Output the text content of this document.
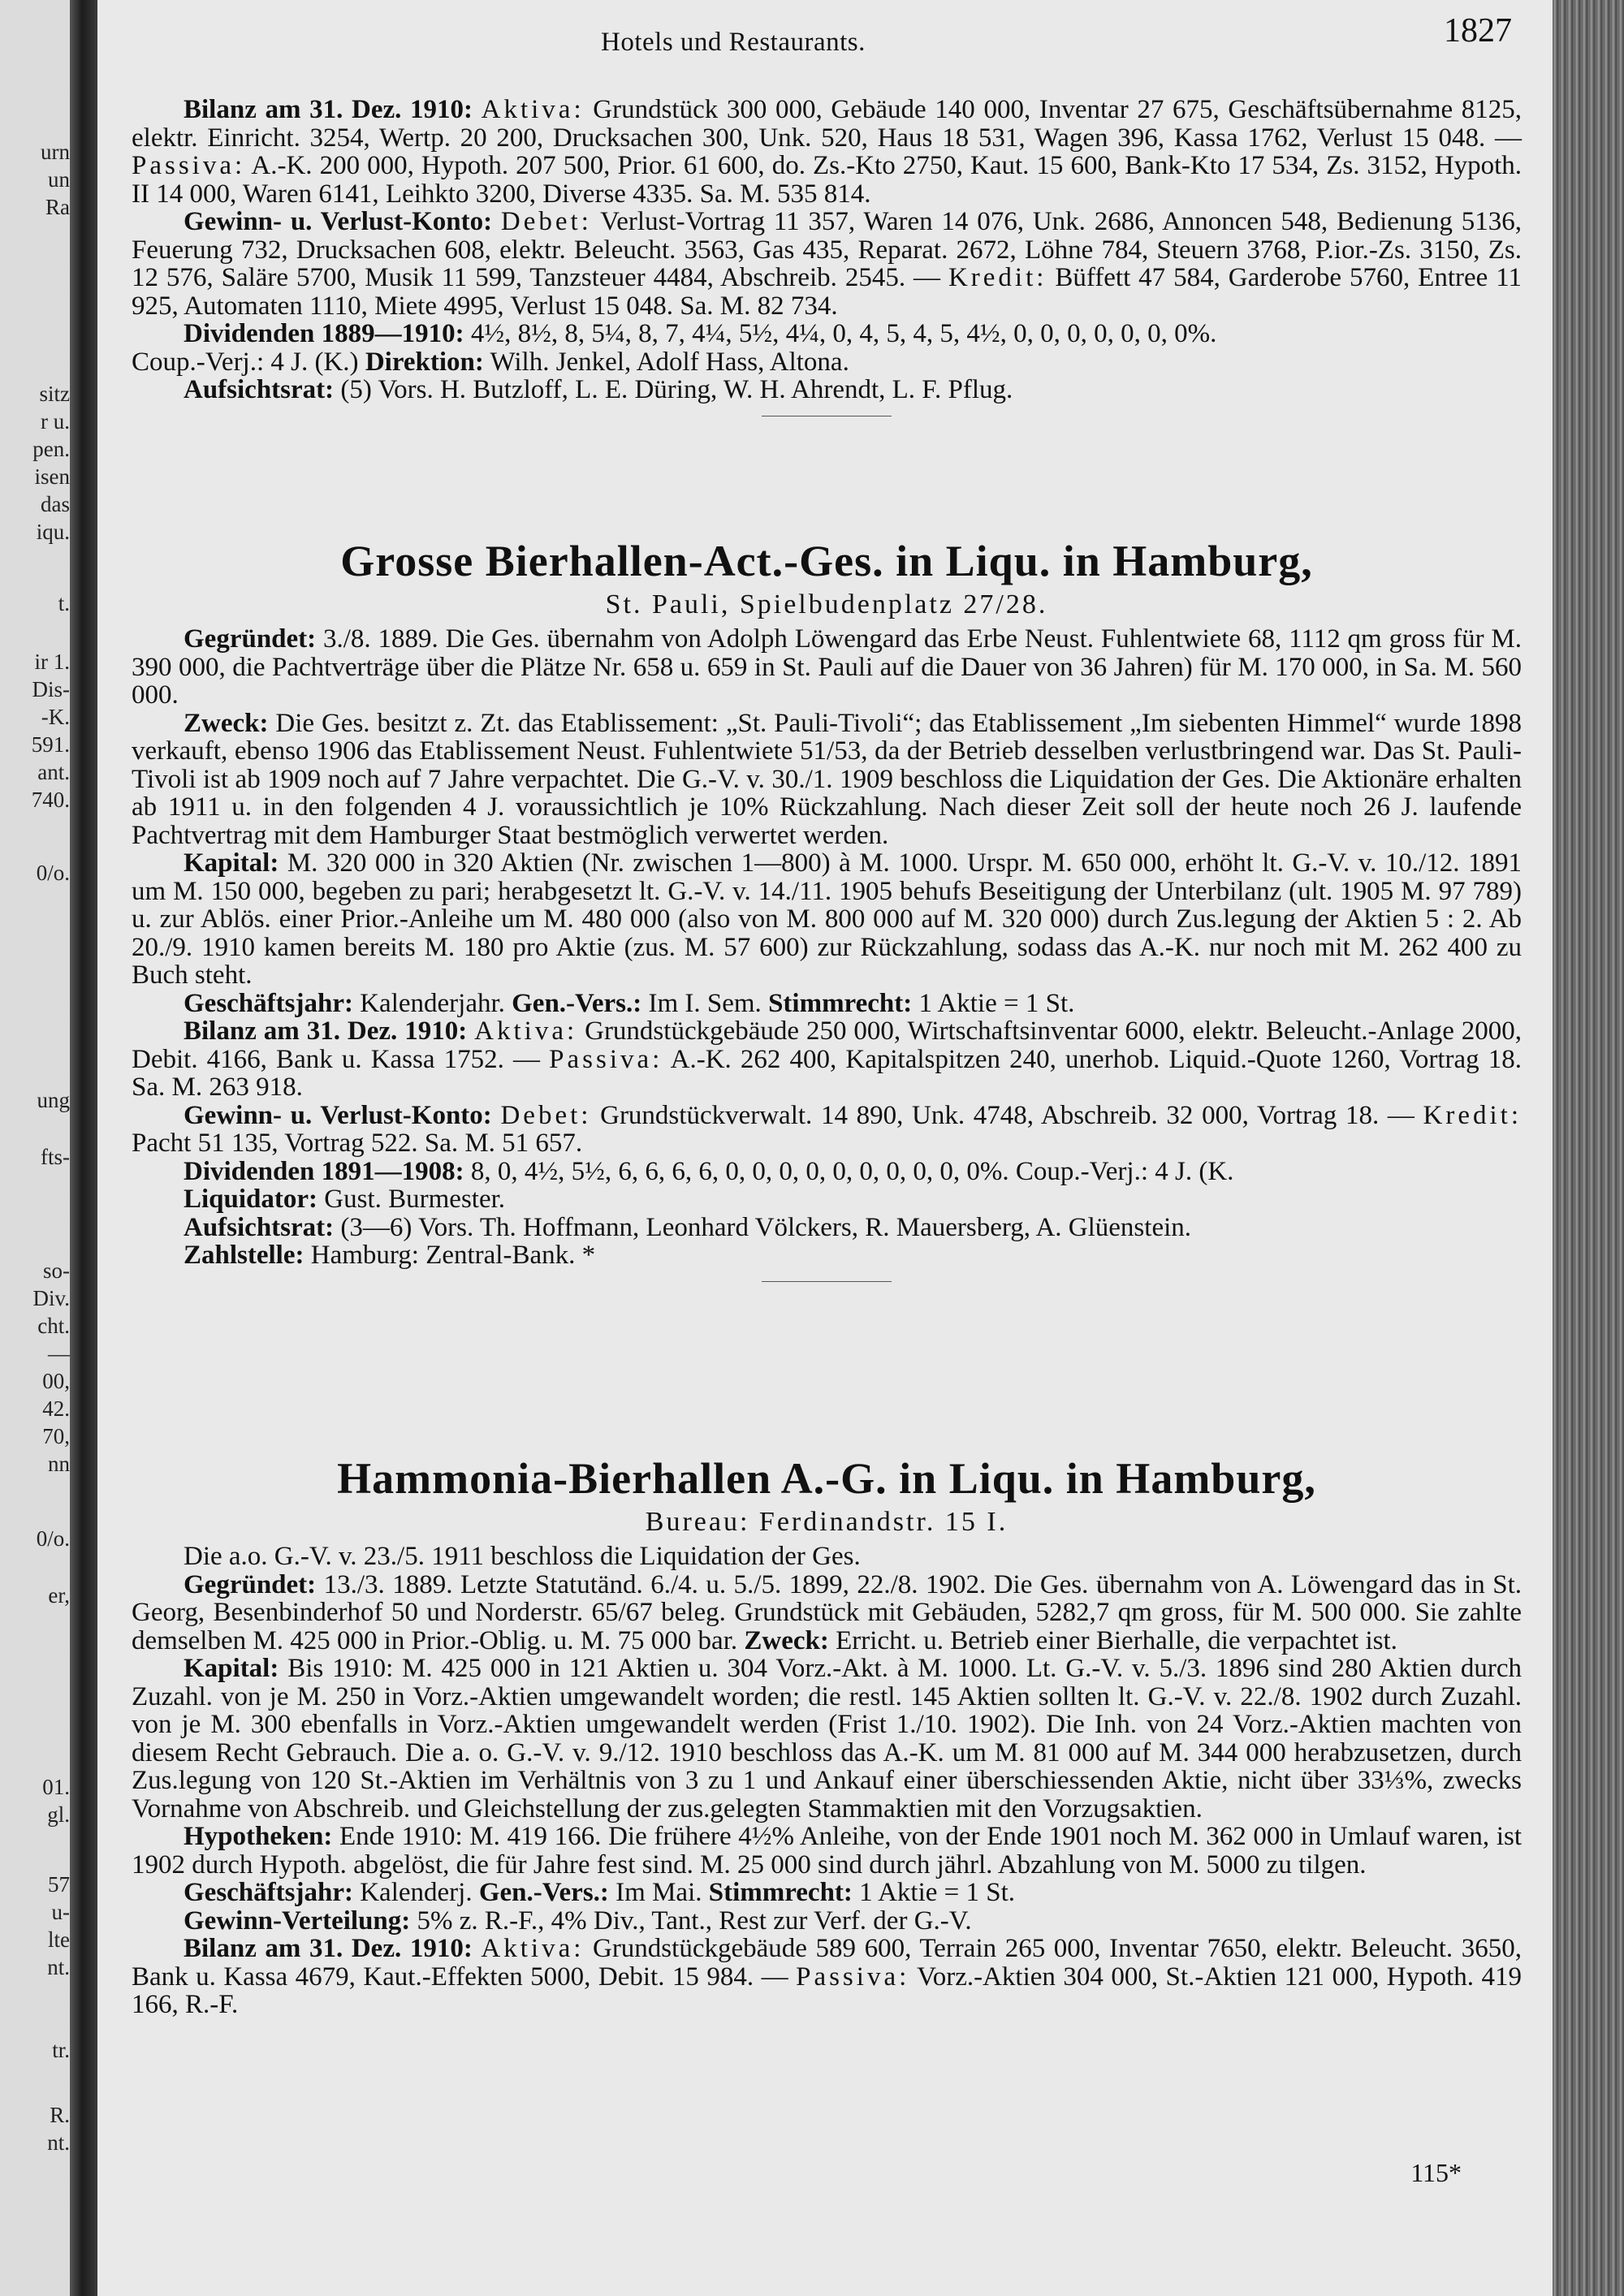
urn
un
Ra
sitz
r u.
pen.
isen
das
iqu.
t.
ir 1.
Dis-
-K.
591.
ant.
740.
0/o.
ung
fts-
so-
Div.
cht.
—
00,
42.
70,
nn
0/o.
er,
01.
gl.
57
u-
lte
nt.
tr.
R.
nt.
Hotels und Restaurants.	1827

Bilanz am 31. Dez. 1910: Aktiva: Grundstück 300 000, Gebäude 140 000, Inventar 27 675, Geschäftsübernahme 8125, elektr. Einricht. 3254, Wertp. 20 200, Drucksachen 300, Unk. 520, Haus 18 531, Wagen 396, Kassa 1762, Verlust 15 048. — Passiva: A.-K. 200 000, Hypoth. 207 500, Prior. 61 600, do. Zs.-Kto 2750, Kaut. 15 600, Bank-Kto 17 534, Zs. 3152, Hypoth. II 14 000, Waren 6141, Leihkto 3200, Diverse 4335. Sa. M. 535 814.

Gewinn- u. Verlust-Konto: Debet: Verlust-Vortrag 11 357, Waren 14 076, Unk. 2686, Annoncen 548, Bedienung 5136, Feuerung 732, Drucksachen 608, elektr. Beleucht. 3563, Gas 435, Reparat. 2672, Löhne 784, Steuern 3768, P.ior.-Zs. 3150, Zs. 12 576, Saläre 5700, Musik 11 599, Tanzsteuer 4484, Abschreib. 2545. — Kredit: Büffett 47 584, Garderobe 5760, Entree 11 925, Automaten 1110, Miete 4995, Verlust 15 048. Sa. M. 82 734.

Dividenden 1889—1910: 4½, 8½, 8, 5¼, 8, 7, 4¼, 5½, 4¼, 0, 4, 5, 4, 5, 4½, 0, 0, 0, 0, 0, 0, 0%.

Coup.-Verj.: 4 J. (K.) Direktion: Wilh. Jenkel, Adolf Hass, Altona.

Aufsichtsrat: (5) Vors. H. Butzloff, L. E. Düring, W. H. Ahrendt, L. F. Pflug.

Grosse Bierhallen-Act.-Ges. in Liqu. in Hamburg,

St. Pauli, Spielbudenplatz 27/28.

Gegründet: 3./8. 1889. Die Ges. übernahm von Adolph Löwengard das Erbe Neust. Fuhlentwiete 68, 1112 qm gross für M. 390 000, die Pachtverträge über die Plätze Nr. 658 u. 659 in St. Pauli auf die Dauer von 36 Jahren) für M. 170 000, in Sa. M. 560 000.

Zweck: Die Ges. besitzt z. Zt. das Etablissement: „St. Pauli-Tivoli“; das Etablissement „Im siebenten Himmel“ wurde 1898 verkauft, ebenso 1906 das Etablissement Neust. Fuhlentwiete 51/53, da der Betrieb desselben verlustbringend war. Das St. Pauli-Tivoli ist ab 1909 noch auf 7 Jahre verpachtet. Die G.-V. v. 30./1. 1909 beschloss die Liquidation der Ges. Die Aktionäre erhalten ab 1911 u. in den folgenden 4 J. voraussichtlich je 10% Rückzahlung. Nach dieser Zeit soll der heute noch 26 J. laufende Pachtvertrag mit dem Hamburger Staat bestmöglich verwertet werden.

Kapital: M. 320 000 in 320 Aktien (Nr. zwischen 1—800) à M. 1000. Urspr. M. 650 000, erhöht lt. G.-V. v. 10./12. 1891 um M. 150 000, begeben zu pari; herabgesetzt lt. G.-V. v. 14./11. 1905 behufs Beseitigung der Unterbilanz (ult. 1905 M. 97 789) u. zur Ablös. einer Prior.-Anleihe um M. 480 000 (also von M. 800 000 auf M. 320 000) durch Zus.legung der Aktien 5 : 2. Ab 20./9. 1910 kamen bereits M. 180 pro Aktie (zus. M. 57 600) zur Rückzahlung, sodass das A.-K. nur noch mit M. 262 400 zu Buch steht.

Geschäftsjahr: Kalenderjahr. Gen.-Vers.: Im I. Sem. Stimmrecht: 1 Aktie = 1 St.

Bilanz am 31. Dez. 1910: Aktiva: Grundstückgebäude 250 000, Wirtschaftsinventar 6000, elektr. Beleucht.-Anlage 2000, Debit. 4166, Bank u. Kassa 1752. — Passiva: A.-K. 262 400, Kapitalspitzen 240, unerhob. Liquid.-Quote 1260, Vortrag 18. Sa. M. 263 918.

Gewinn- u. Verlust-Konto: Debet: Grundstückverwalt. 14 890, Unk. 4748, Abschreib. 32 000, Vortrag 18. — Kredit: Pacht 51 135, Vortrag 522. Sa. M. 51 657.

Dividenden 1891—1908: 8, 0, 4½, 5½, 6, 6, 6, 6, 0, 0, 0, 0, 0, 0, 0, 0, 0, 0%. Coup.-Verj.: 4 J. (K.

Liquidator: Gust. Burmester.

Aufsichtsrat: (3—6) Vors. Th. Hoffmann, Leonhard Völckers, R. Mauersberg, A. Glüenstein.

Zahlstelle: Hamburg: Zentral-Bank. *

Hammonia-Bierhallen A.-G. in Liqu. in Hamburg,

Bureau: Ferdinandstr. 15 I.

Die a.o. G.-V. v. 23./5. 1911 beschloss die Liquidation der Ges.

Gegründet: 13./3. 1889. Letzte Statutänd. 6./4. u. 5./5. 1899, 22./8. 1902. Die Ges. übernahm von A. Löwengard das in St. Georg, Besenbinderhof 50 und Norderstr. 65/67 beleg. Grundstück mit Gebäuden, 5282,7 qm gross, für M. 500 000. Sie zahlte demselben M. 425 000 in Prior.-Oblig. u. M. 75 000 bar. Zweck: Erricht. u. Betrieb einer Bierhalle, die verpachtet ist.

Kapital: Bis 1910: M. 425 000 in 121 Aktien u. 304 Vorz.-Akt. à M. 1000. Lt. G.-V. v. 5./3. 1896 sind 280 Aktien durch Zuzahl. von je M. 250 in Vorz.-Aktien umgewandelt worden; die restl. 145 Aktien sollten lt. G.-V. v. 22./8. 1902 durch Zuzahl. von je M. 300 ebenfalls in Vorz.-Aktien umgewandelt werden (Frist 1./10. 1902). Die Inh. von 24 Vorz.-Aktien machten von diesem Recht Gebrauch. Die a. o. G.-V. v. 9./12. 1910 beschloss das A.-K. um M. 81 000 auf M. 344 000 herabzusetzen, durch Zus.legung von 120 St.-Aktien im Verhältnis von 3 zu 1 und Ankauf einer überschiessenden Aktie, nicht über 33⅓%, zwecks Vornahme von Abschreib. und Gleichstellung der zus.gelegten Stammaktien mit den Vorzugsaktien.

Hypotheken: Ende 1910: M. 419 166. Die frühere 4½% Anleihe, von der Ende 1901 noch M. 362 000 in Umlauf waren, ist 1902 durch Hypoth. abgelöst, die für Jahre fest sind. M. 25 000 sind durch jährl. Abzahlung von M. 5000 zu tilgen.

Geschäftsjahr: Kalenderj. Gen.-Vers.: Im Mai. Stimmrecht: 1 Aktie = 1 St.

Gewinn-Verteilung: 5% z. R.-F., 4% Div., Tant., Rest zur Verf. der G.-V.

Bilanz am 31. Dez. 1910: Aktiva: Grundstückgebäude 589 600, Terrain 265 000, Inventar 7650, elektr. Beleucht. 3650, Bank u. Kassa 4679, Kaut.-Effekten 5000, Debit. 15 984. — Passiva: Vorz.-Aktien 304 000, St.-Aktien 121 000, Hypoth. 419 166, R.-F.

115*
